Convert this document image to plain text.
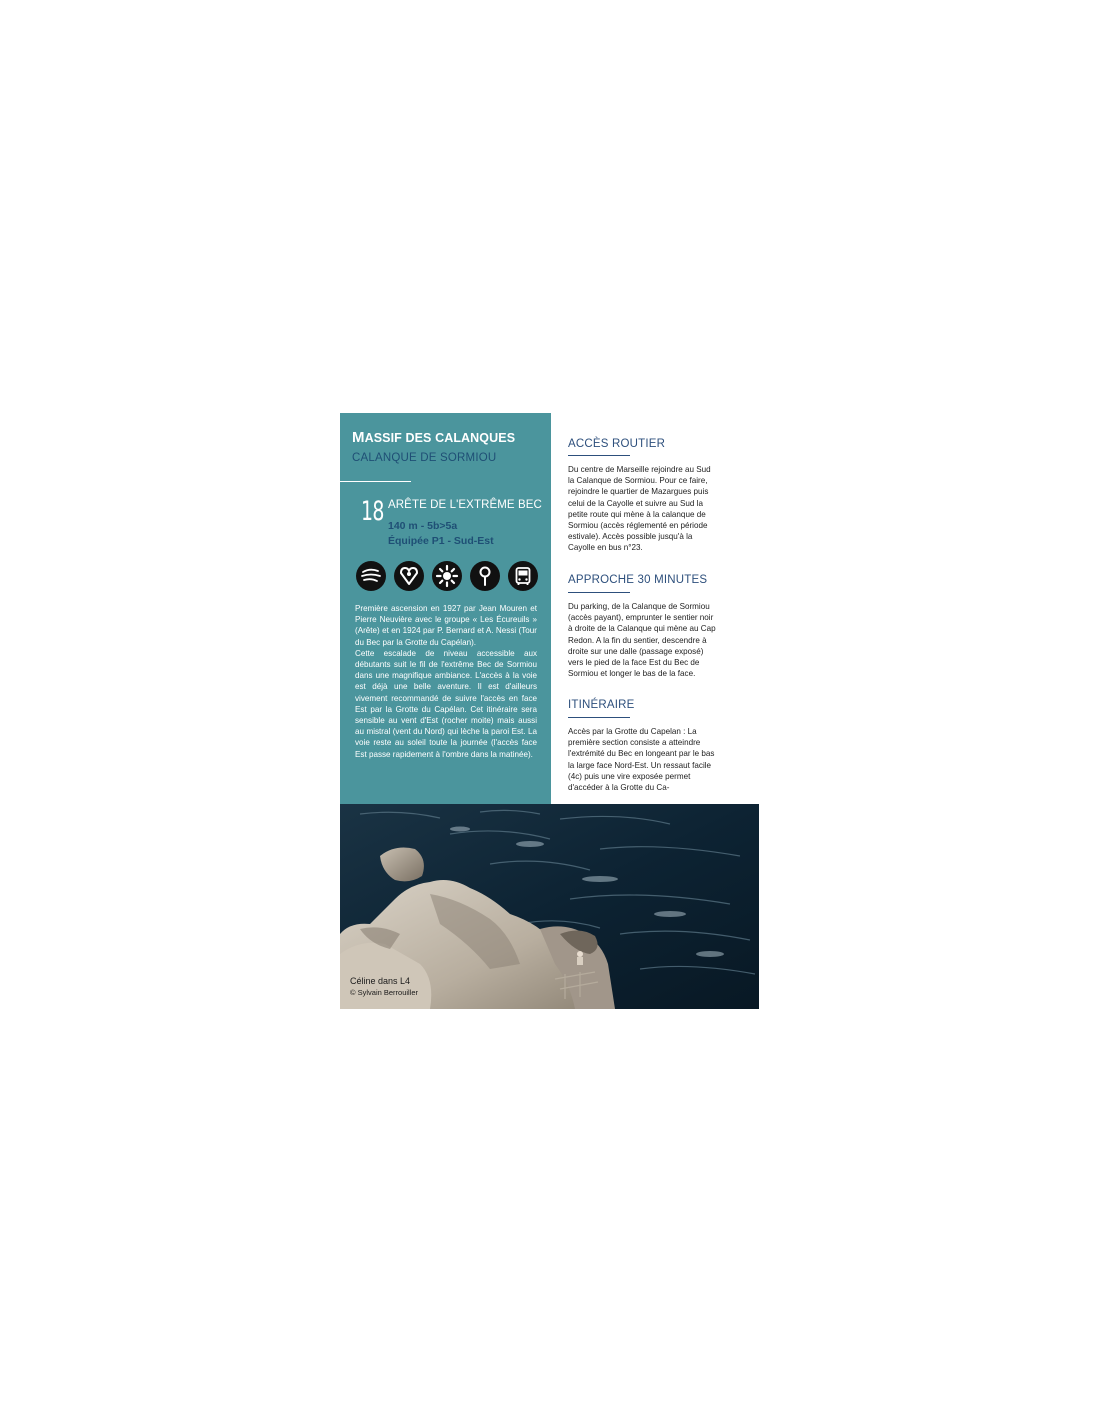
MASSIF DES CALANQUES
CALANQUE DE SORMIOU
18 ARÊTE DE L'EXTRÊME BEC
140 m - 5b>5a
Équipée P1 - Sud-Est

Première ascension en 1927 par Jean Mouren et Pierre Neuvière avec le groupe « Les Écureuils » (Arête) et en 1924 par P. Bernard et A. Nessi (Tour du Bec par la Grotte du Capélan).

Cette escalade de niveau accessible aux débutants suit le fil de l'extrême Bec de Sormiou dans une magnifique ambiance. L'accès à la voie est déjà une belle aventure. Il est d'ailleurs vivement recommandé de suivre l'accès en face Est par la Grotte du Capélan. Cet itinéraire sera sensible au vent d'Est (rocher moite) mais aussi au mistral (vent du Nord) qui lèche la paroi Est. La voie reste au soleil toute la journée (l'accès face Est passe rapidement à l'ombre dans la matinée).

ACCÈS ROUTIER

Du centre de Marseille rejoindre au Sud la Calanque de Sormiou. Pour ce faire, rejoindre le quartier de Mazargues puis celui de la Cayolle et suivre au Sud la petite route qui mène à la calanque de Sormiou (accès réglementé en période estivale). Accès possible jusqu'à la Cayolle en bus n°23.

APPROCHE 30 MINUTES

Du parking, de la Calanque de Sormiou (accès payant), emprunter le sentier noir à droite de la Calanque qui mène au Cap Redon. A la fin du sentier, descendre à droite sur une dalle (passage exposé) vers le pied de la face Est du Bec de Sormiou et longer le bas de la face.

ITINÉRAIRE

Accès par la Grotte du Capelan : La première section consiste a atteindre l'extrémité du Bec en longeant par le bas la large face Nord-Est. Un ressaut facile (4c) puis une vire exposée permet d'accéder à la Grotte du Ca-

Céline dans L4
© Sylvain Berrouiller
